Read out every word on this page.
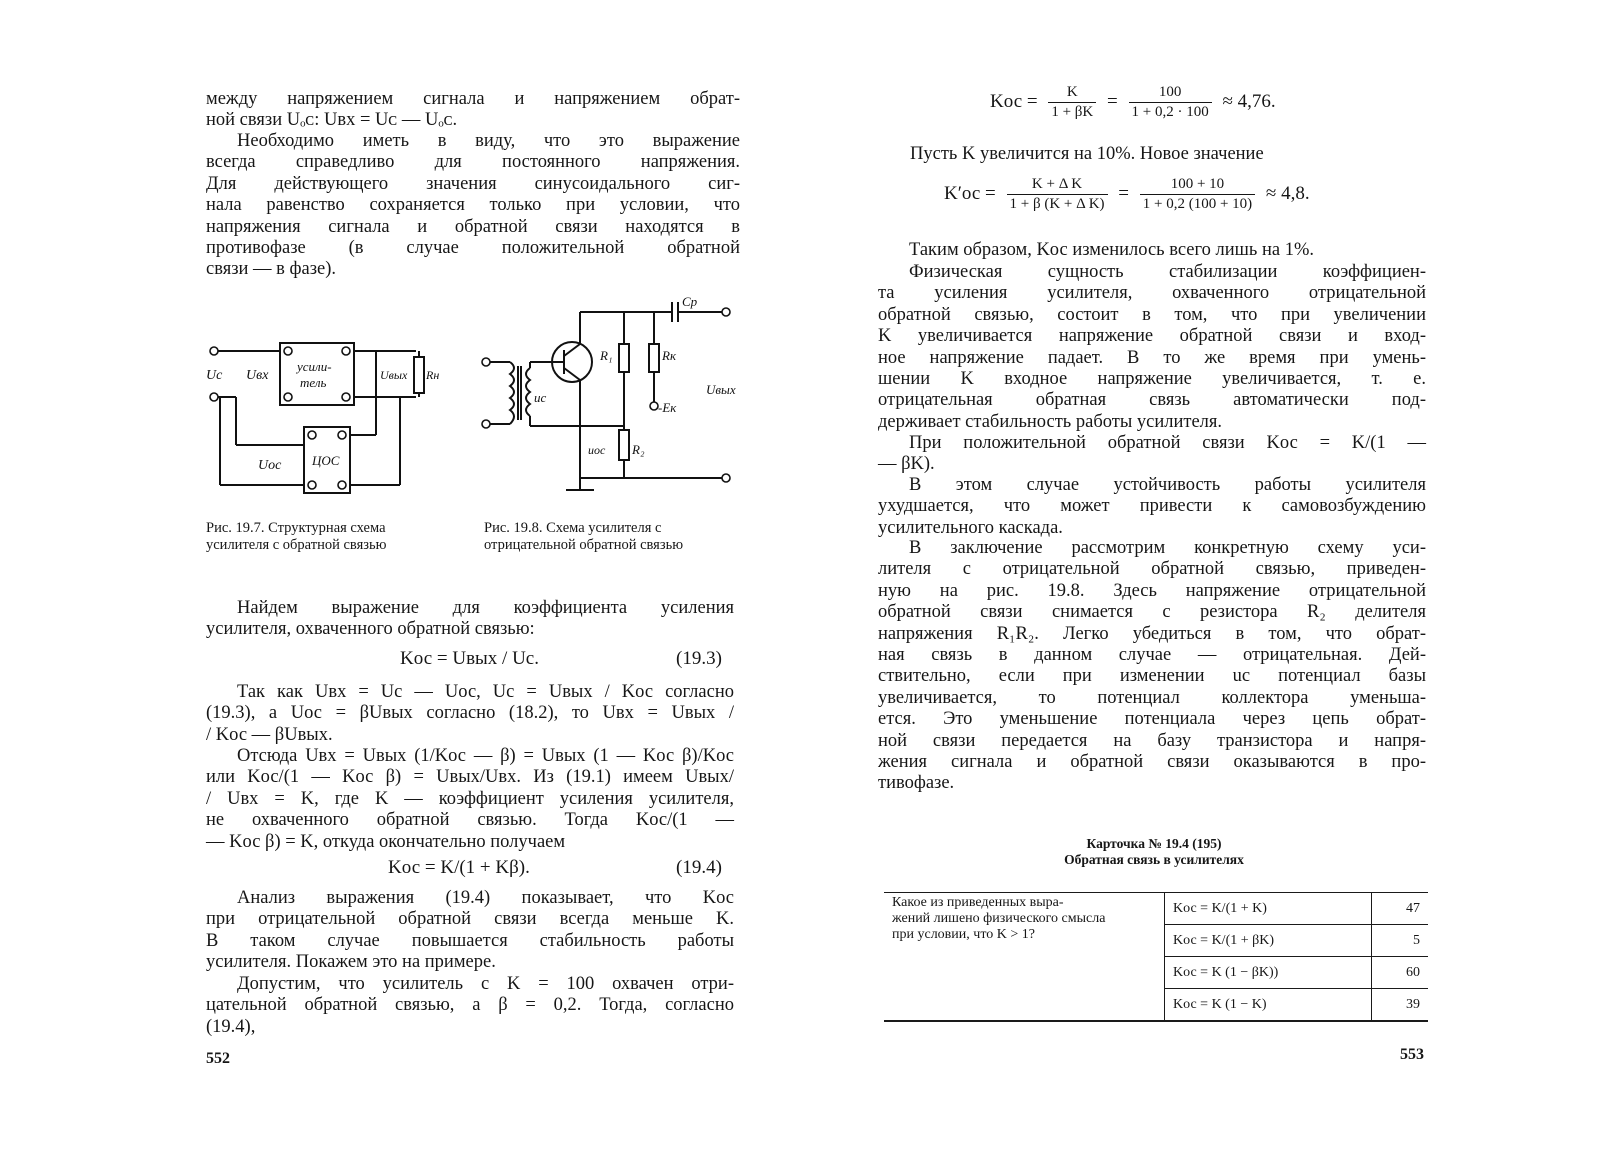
между напряжением сигнала и напряжением обрат-
ной связи Uₒᴄ: Uвх = Uᴄ — Uₒᴄ.
Необходимо иметь в виду, что это выражение
всегда справедливо для постоянного напряжения.
Для действующего значения синусоидального сиг-
нала равенство сохраняется только при условии, что
напряжения сигнала и обратной связи находятся в
противофазе (в случае положительной обратной
связи — в фазе).
усили-
тель
ЦОС
Uc Uвх	Uвых Rн
Uос
Cр
R₁	Rк
-Eк
uc
Uвых
uос R₂
Рис. 19.7. Структурная схема
усилителя с обратной связью
Рис. 19.8. Схема усилителя с
отрицательной обратной связью
Найдем выражение для коэффициента усиления
усилителя, охваченного обратной связью:
Kос = Uвых / Uс.	(19.3)
Так как Uвх = Uс — Uос, Uс = Uвых / Kос согласно
(19.3), а Uос = βUвых согласно (18.2), то Uвх = Uвых /
/ Kос — βUвых.
Отсюда Uвх = Uвых (1/Kос — β) = Uвых (1 — Kос β)/Kос
или Kос/(1 — Kос β) = Uвых/Uвх. Из (19.1) имеем Uвых/
/ Uвх = K, где K — коэффициент усиления усилителя,
не охваченного обратной связью. Тогда Kос/(1 —
— Kос β) = K, откуда окончательно получаем
Kос = K/(1 + Kβ).	(19.4)
Анализ выражения (19.4) показывает, что Kос
при отрицательной обратной связи всегда меньше K.
В таком случае повышается стабильность работы
усилителя. Покажем это на примере.
Допустим, что усилитель с K = 100 охвачен отри-
цательной обратной связью, а β = 0,2. Тогда, согласно
(19.4),
552
Kос = $\frac{K}{1 + \beta K} = \frac{100}{1 + 0,2 \cdot 100} \approx 4,76$.
Пусть K увеличится на 10%. Новое значение
$K'ос = \frac{\text{K + Δ K}}{\text{1 + β (K + Δ K)}} = \frac{100 + 10}{1 + 0,2 (100 + 10)} \approx 4,8$.
Таким образом, Kос изменилось всего лишь на 1%.
Физическая сущность стабилизации коэффициен-
та усиления усилителя, охваченного отрицательной
обратной связью, состоит в том, что при увеличении
K увеличивается напряжение обратной связи и вход-
ное напряжение падает. В то же время при умень-
шении K входное напряжение увеличивается, т. е.
отрицательная обратная связь автоматически под-
держивает стабильность работы усилителя.
При положительной обратной связи Kос = K/(1 —
— βK).
В этом случае устойчивость работы усилителя
ухудшается, что может привести к самовозбуждению
усилительного каскада.
В заключение рассмотрим конкретную схему уси-
лителя с отрицательной обратной связью, приведен-
ную на рис. 19.8. Здесь напряжение отрицательной
обратной связи снимается с резистора R₂ делителя
напряжения R₁R₂. Легко убедиться в том, что обрат-
ная связь в данном случае — отрицательная. Дей-
ствительно, если при изменении uс потенциал базы
увеличивается, то потенциал коллектора уменьша-
ется. Это уменьшение потенциала через цепь обрат-
ной связи передается на базу транзистора и напря-
жения сигнала и обратной связи оказываются в про-
тивофазе.
Карточка № 19.4 (195)
Обратная связь в усилителях
Какое из приведенных выра-
жений лишено физического смысла
при условии, что K > 1?	Kос = K/(1 + K)	47
	Kос = K/(1 + βK)	5
	Kос = K (1 − βK))	60
	Kос = K (1 − K)	39
553
